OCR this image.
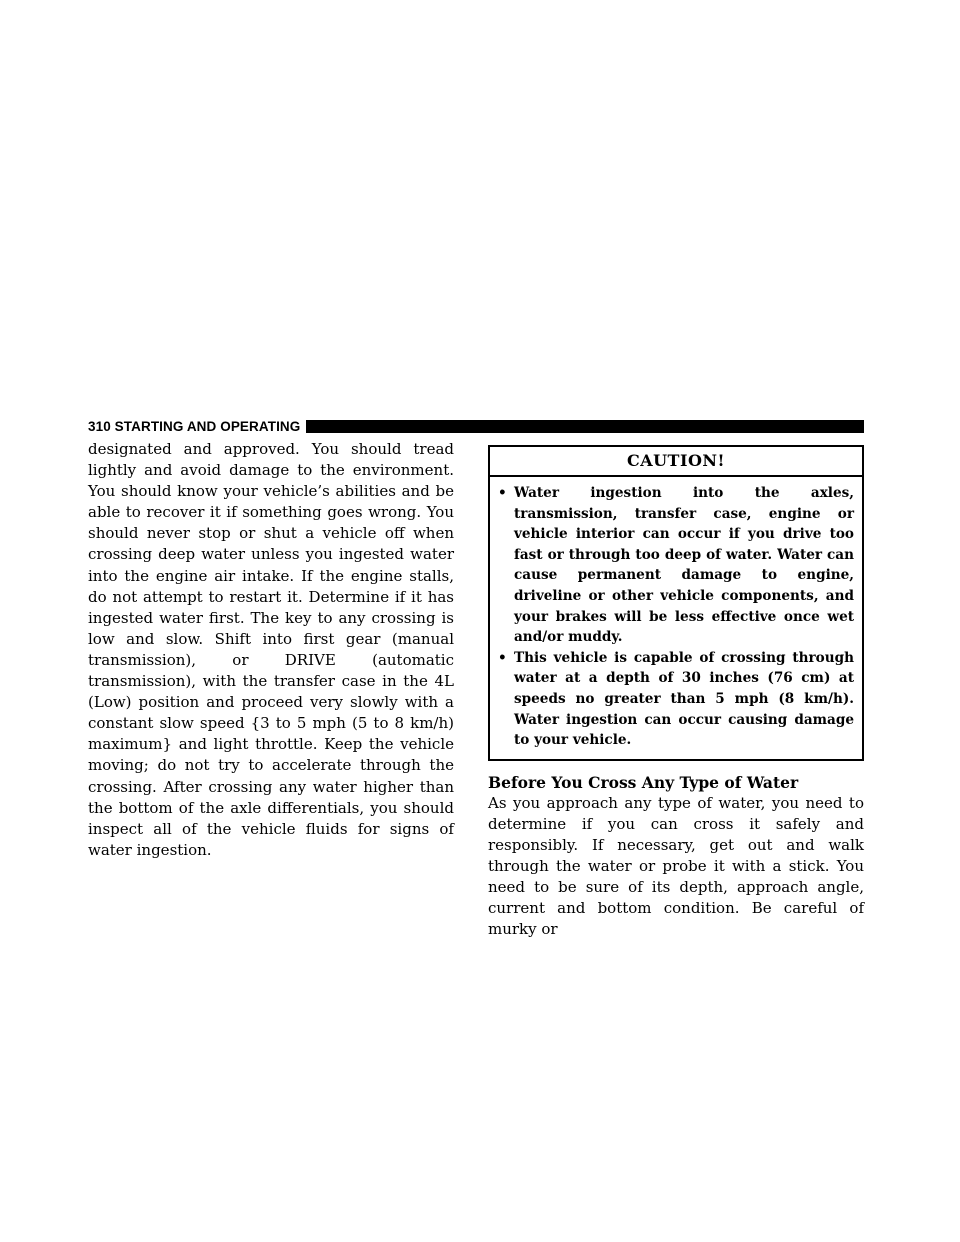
310 STARTING AND OPERATING

designated and approved. You should tread lightly and avoid damage to the environment. You should know your vehicle’s abilities and be able to recover it if something goes wrong. You should never stop or shut a vehicle off when crossing deep water unless you ingested water into the engine air intake. If the engine stalls, do not attempt to restart it. Determine if it has ingested water first. The key to any crossing is low and slow. Shift into first gear (manual transmission), or DRIVE (automatic transmission), with the transfer case in the 4L (Low) position and proceed very slowly with a constant slow speed {3 to 5 mph (5 to 8 km/h) maximum} and light throttle. Keep the vehicle moving; do not try to accelerate through the crossing. After crossing any water higher than the bottom of the axle differentials, you should inspect all of the vehicle fluids for signs of water ingestion.

CAUTION!
• Water ingestion into the axles, transmission, transfer case, engine or vehicle interior can occur if you drive too fast or through too deep of water. Water can cause permanent damage to engine, driveline or other vehicle components, and your brakes will be less effective once wet and/or muddy.
• This vehicle is capable of crossing through water at a depth of 30 inches (76 cm) at speeds no greater than 5 mph (8 km/h). Water ingestion can occur causing damage to your vehicle.
Before You Cross Any Type of Water

As you approach any type of water, you need to determine if you can cross it safely and responsibly. If necessary, get out and walk through the water or probe it with a stick. You need to be sure of its depth, approach angle, current and bottom condition. Be careful of murky or
